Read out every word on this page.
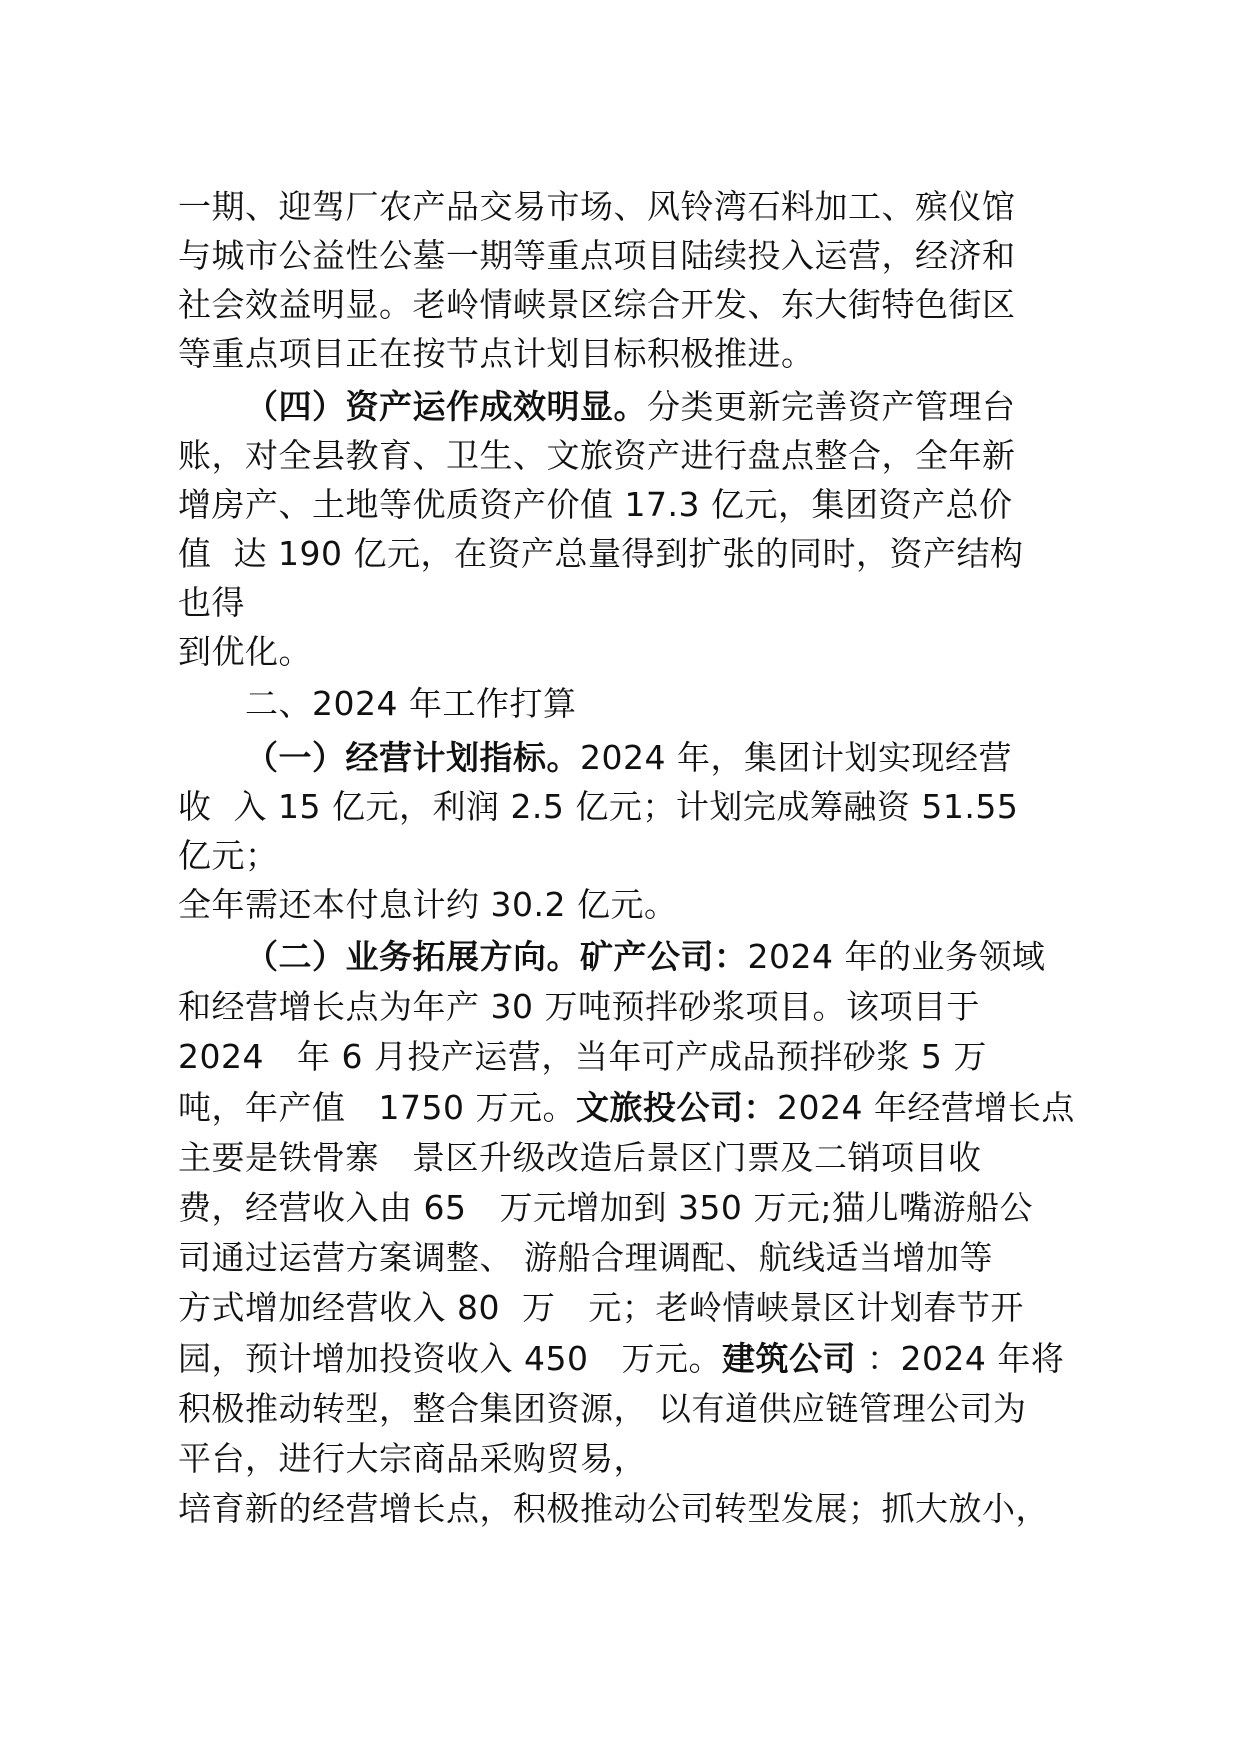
一期、迎驾厂农产品交易市场、风铃湾石料加工、殡仪馆
与城市公益性公墓一期等重点项目陆续投入运营，经济和
社会效益明显。老岭情峡景区综合开发、东大街特色街区
等重点项目正在按节点计划目标积极推进。
（四）资产运作成效明显。分类更新完善资产管理台
账，对全县教育、卫生、文旅资产进行盘点整合，全年新
增房产、土地等优质资产价值 17.3 亿元，集团资产总价
值  达 190 亿元，在资产总量得到扩张的同时，资产结构
也得
到优化。
二、2024 年工作打算
（一）经营计划指标。2024 年，集团计划实现经营
收  入 15 亿元，利润 2.5 亿元；计划完成筹融资 51.55
亿元；
全年需还本付息计约 30.2 亿元。
（二）业务拓展方向。矿产公司：2024 年的业务领域
和经营增长点为年产 30 万吨预拌砂浆项目。该项目于
2024   年 6 月投产运营，当年可产成品预拌砂浆 5 万
吨，年产值   1750 万元。文旅投公司：2024 年经营增长点
主要是铁骨寨   景区升级改造后景区门票及二销项目收
费，经营收入由 65   万元增加到 350 万元;猫儿嘴游船公
司通过运营方案调整、 游船合理调配、航线适当增加等
方式增加经营收入 80  万   元；老岭情峡景区计划春节开
园，预计增加投资收入 450   万元。建筑公司 ：2024 年将
积极推动转型，整合集团资源， 以有道供应链管理公司为
平台，进行大宗商品采购贸易，
培育新的经营增长点，积极推动公司转型发展；抓大放小，
